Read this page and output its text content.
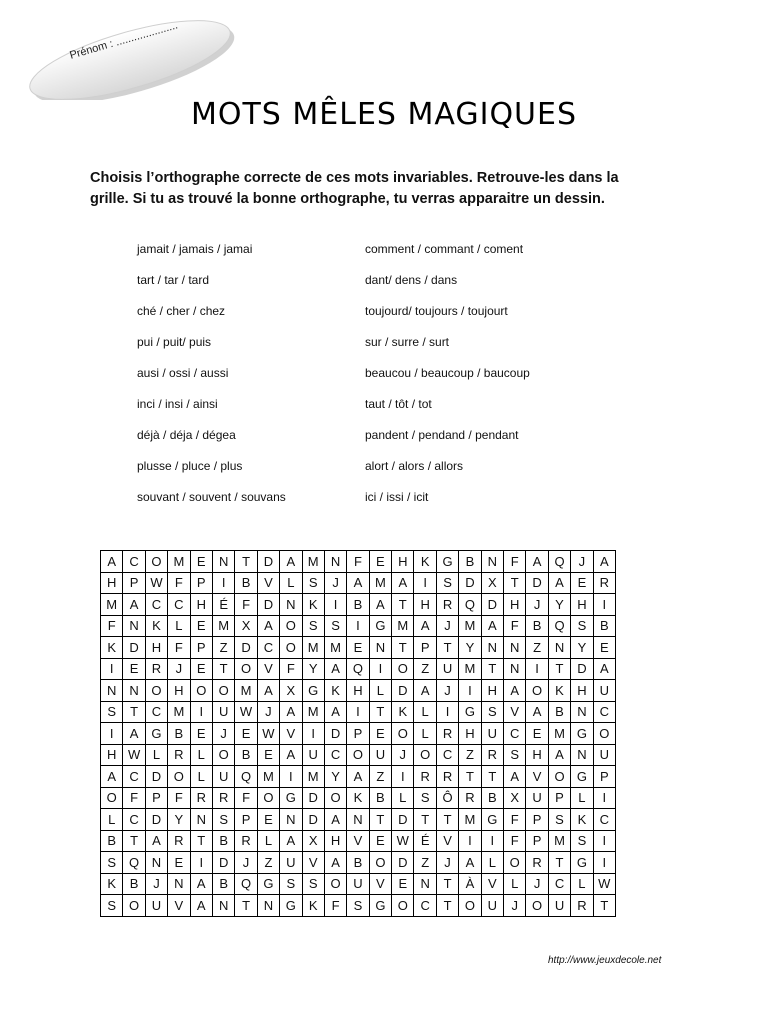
Prénom : .....................
MOTS MÊLES MAGIQUES

Choisis l’orthographe correcte de ces mots invariables. Retrouve-les dans la

grille. Si tu as trouvé la bonne orthographe, tu verras apparaitre un dessin.

jamait / jamais / jamai
tart / tar / tard
ché / cher / chez
pui / puit/ puis
ausi / ossi / aussi
inci / insi / ainsi
déjà / déja / dégea
plusse / pluce / plus
souvant / souvent / souvans
comment / commant / coment
dant/ dens / dans
toujourd/ toujours / toujourt
sur / surre / surt
beaucou / beaucoup / baucoup
taut / tôt / tot
pandent / pendand / pendant
alort / alors / allors
ici / issi / icit
A	C	O	M	E	N	T	D	A	M	N	F	E	H	K	G	B	N	F	A	Q	J	A
H	P	W	F	P	I	B	V	L	S	J	A	M	A	I	S	D	X	T	D	A	E	R
M	A	C	C	H	É	F	D	N	K	I	B	A	T	H	R	Q	D	H	J	Y	H	I
F	N	K	L	E	M	X	A	O	S	S	I	G	M	A	J	M	A	F	B	Q	S	B
K	D	H	F	P	Z	D	C	O	M	M	E	N	T	P	T	Y	N	N	Z	N	Y	E
I	E	R	J	E	T	O	V	F	Y	A	Q	I	O	Z	U	M	T	N	I	T	D	A
N	N	O	H	O	O	M	A	X	G	K	H	L	D	A	J	I	H	A	O	K	H	U
S	T	C	M	I	U	W	J	A	M	A	I	T	K	L	I	G	S	V	A	B	N	C
I	A	G	B	E	J	E	W	V	I	D	P	E	O	L	R	H	U	C	E	M	G	O
H	W	L	R	L	O	B	E	A	U	C	O	U	J	O	C	Z	R	S	H	A	N	U
A	C	D	O	L	U	Q	M	I	M	Y	A	Z	I	R	R	T	T	A	V	O	G	P
O	F	P	F	R	R	F	O	G	D	O	K	B	L	S	Ô	R	B	X	U	P	L	I
L	C	D	Y	N	S	P	E	N	D	A	N	T	D	T	T	M	G	F	P	S	K	C
B	T	A	R	T	B	R	L	A	X	H	V	E	W	É	V	I	I	F	P	M	S	I
S	Q	N	E	I	D	J	Z	U	V	A	B	O	D	Z	J	A	L	O	R	T	G	I
K	B	J	N	A	B	Q	G	S	S	O	U	V	E	N	T	À	V	L	J	C	L	W
S	O	U	V	A	N	T	N	G	K	F	S	G	O	C	T	O	U	J	O	U	R	T
http://www.jeuxdecole.net
